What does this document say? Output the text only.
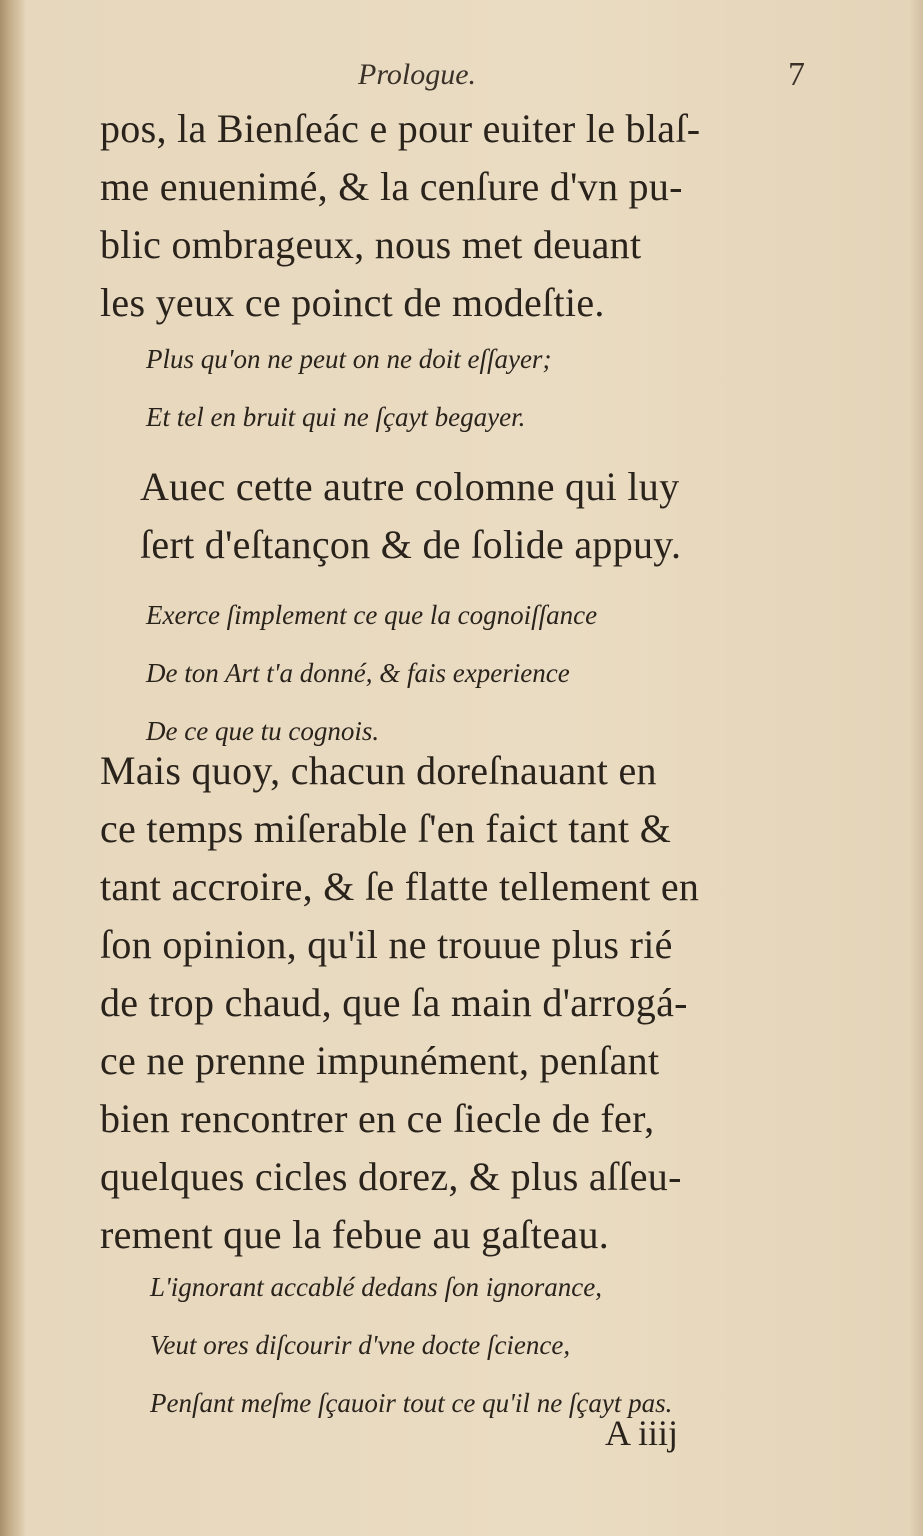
Prologue.	7

pos, la Bienſeác e pour euiter le blaſ-
me enuenimé, & la cenſure d'vn pu-
blic ombrageux, nous met deuant
les yeux ce poinct de modeſtie.

Plus qu'on ne peut on ne doit eſſayer;
Et tel en bruit qui ne ſçayt begayer.

Auec cette autre colomne qui luy
ſert d'eſtançon & de ſolide appuy.

Exerce ſimplement ce que la cognoiſſance
De ton Art t'a donné, & fais experience
De ce que tu cognois.

Mais quoy, chacun doreſnauant en
ce temps miſerable ſ'en faict tant &
tant accroire, & ſe flatte tellement en
ſon opinion, qu'il ne trouue plus rié
de trop chaud, que ſa main d'arrogá-
ce ne prenne impunément, penſant
bien rencontrer en ce ſiecle de fer,
quelques cicles dorez, & plus aſſeu-
rement que la febue au gaſteau.

L'ignorant accablé dedans ſon ignorance,
Veut ores diſcourir d'vne docte ſcience,
Penſant meſme ſçauoir tout ce qu'il ne ſçayt pas.

A iiij
